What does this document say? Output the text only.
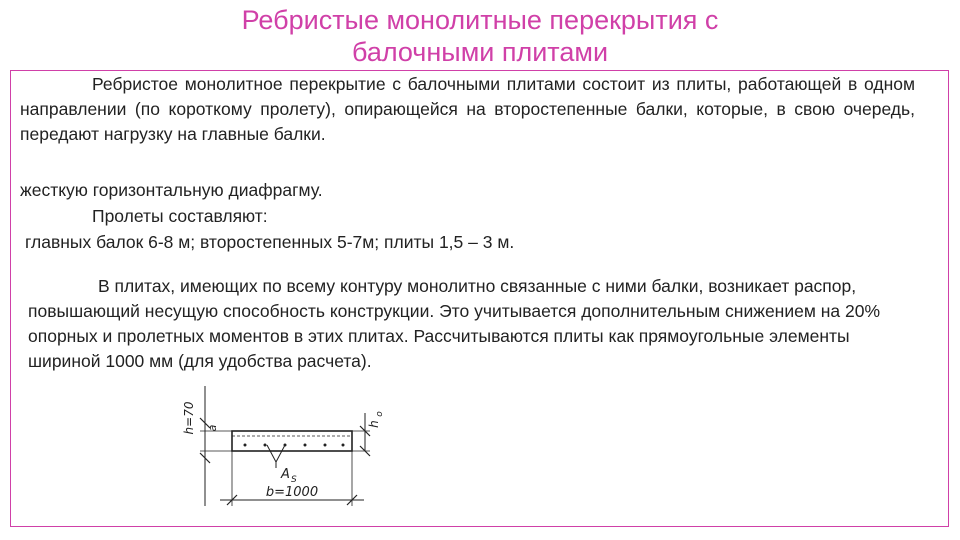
Ребристые монолитные перекрытия с
балочными плитами

Ребристое монолитное перекрытие с балочными плитами состоит из плиты, работающей в одном направлении (по короткому пролету), опирающейся на второстепенные балки, которые, в свою очередь, передают нагрузку на главные балки.

жесткую горизонтальную диафрагму.

Пролеты составляют:

главных балок 6-8 м; второстепенных 5-7м; плиты 1,5 – 3 м.

В плитах, имеющих по всему контуру монолитно связанные с ними балки, возникает распор, повышающий несущую способность конструкции. Это учитывается дополнительным снижением на 20% опорных и пролетных моментов в этих плитах. Рассчитываются плиты как прямоугольные элементы шириной 1000 мм (для удобства расчета).

h=70 a
A S
h
o
b=1000
